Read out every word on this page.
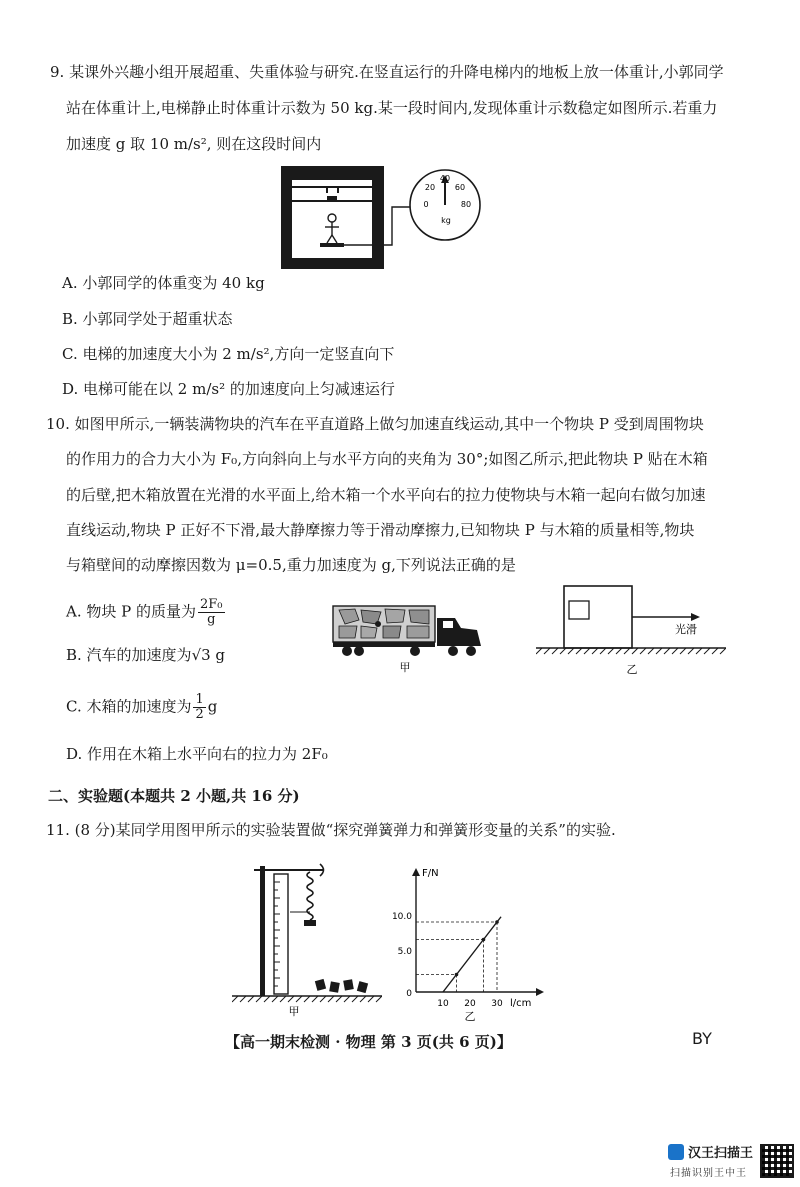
9. 某课外兴趣小组开展超重、失重体验与研究.在竖直运行的升降电梯内的地板上放一体重计,小郭同学
站在体重计上,电梯静止时体重计示数为 50 kg.某一段时间内,发现体重计示数稳定如图所示.若重力
加速度 g 取 10 m/s², 则在这段时间内
40
20 60
0	80
kg
A. 小郭同学的体重变为 40 kg
B. 小郭同学处于超重状态
C. 电梯的加速度大小为 2 m/s²,方向一定竖直向下
D. 电梯可能在以 2 m/s² 的加速度向上匀减速运行
10. 如图甲所示,一辆装满物块的汽车在平直道路上做匀加速直线运动,其中一个物块 P 受到周围物块
的作用力的合力大小为 F₀,方向斜向上与水平方向的夹角为 30°;如图乙所示,把此物块 P 贴在木箱
的后壁,把木箱放置在光滑的水平面上,给木箱一个水平向右的拉力使物块与木箱一起向右做匀加速
直线运动,物块 P 正好不下滑,最大静摩擦力等于滑动摩擦力,已知物块 P 与木箱的质量相等,物块
与箱壁间的动摩擦因数为 μ=0.5,重力加速度为 g,下列说法正确的是
A. 物块 P 的质量为 $\frac{\text{2F₀}}{g}$
B. 汽车的加速度为√3 g
C. 木箱的加速度为 $\frac{1}{2}$ g
D. 作用在木箱上水平向右的拉力为 2F₀
甲
光滑
乙
二、实验题(本题共 2 小题,共 16 分)
11. (8 分)某同学用图甲所示的实验装置做“探究弹簧弹力和弹簧形变量的关系”的实验.
甲
F/N
l/cm
10.0
5.0
0
10 20 30
乙
【高一期末检测 · 物理 第 3 页(共 6 页)】	BY
汉王扫描王
扫描识别王中王
